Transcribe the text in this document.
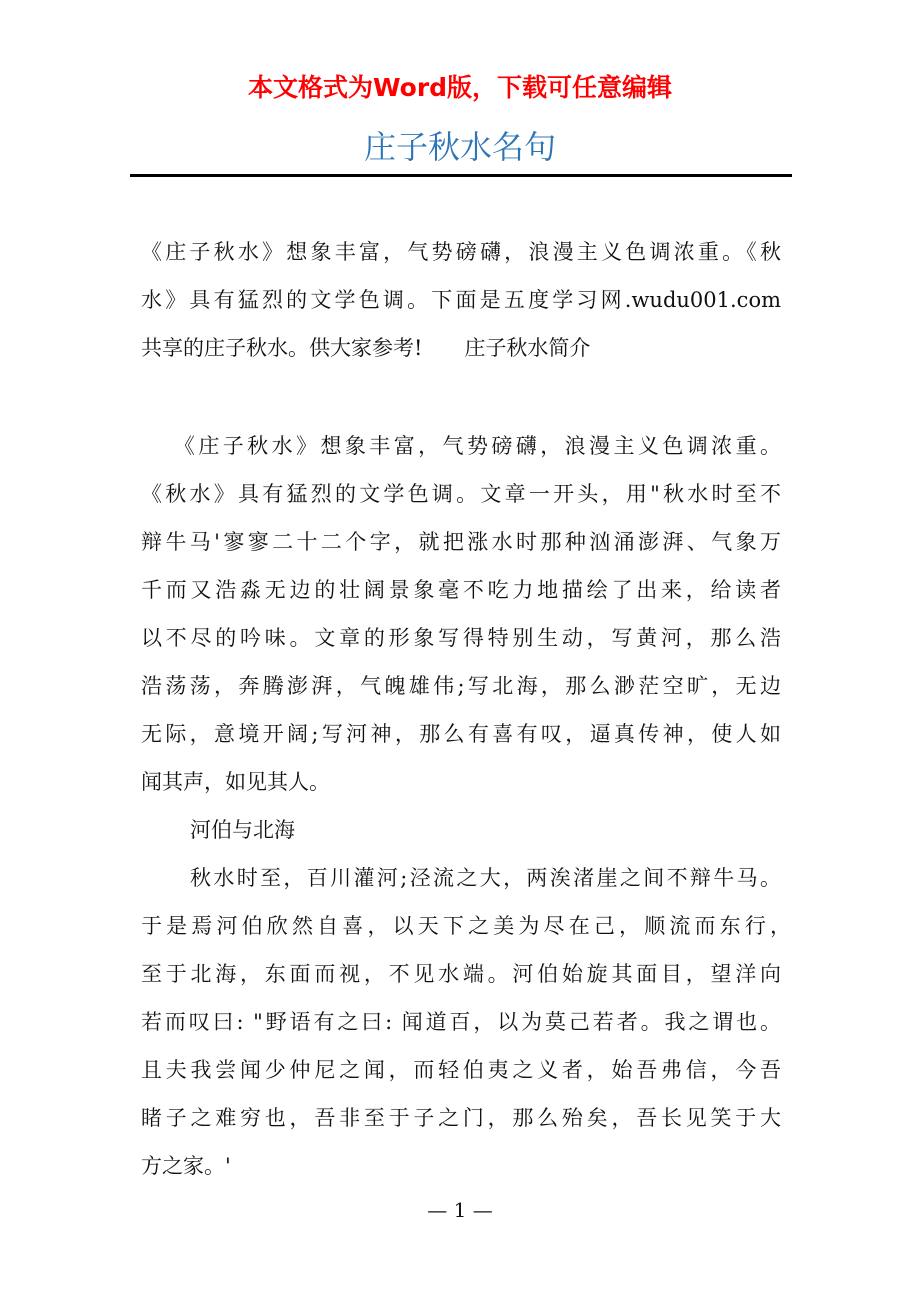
本文格式为Word版，下载可任意编辑
庄子秋水名句
《庄子秋水》想象丰富，气势磅礴，浪漫主义色调浓重。《秋
水》具有猛烈的文学色调。下面是五度学习网.wudu001.com
共享的庄子秋水。供大家参考!　　庄子秋水简介
　《庄子秋水》想象丰富，气势磅礴，浪漫主义色调浓重。
《秋水》具有猛烈的文学色调。文章一开头，用"秋水时至不
辩牛马'寥寥二十二个字，就把涨水时那种汹涌澎湃、气象万
千而又浩淼无边的壮阔景象毫不吃力地描绘了出来，给读者
以不尽的吟味。文章的形象写得特别生动，写黄河，那么浩
浩荡荡，奔腾澎湃，气魄雄伟;写北海，那么渺茫空旷，无边
无际，意境开阔;写河神，那么有喜有叹，逼真传神，使人如
闻其声，如见其人。
河伯与北海
秋水时至，百川灌河;泾流之大，两涘渚崖之间不辩牛马。
于是焉河伯欣然自喜，以天下之美为尽在己，顺流而东行，
至于北海，东面而视，不见水端。河伯始旋其面目，望洋向
若而叹曰: "野语有之曰: 闻道百，以为莫己若者。我之谓也。
且夫我尝闻少仲尼之闻，而轻伯夷之义者，始吾弗信，今吾
睹子之难穷也，吾非至于子之门，那么殆矣，吾长见笑于大
方之家。'
— 1 —
